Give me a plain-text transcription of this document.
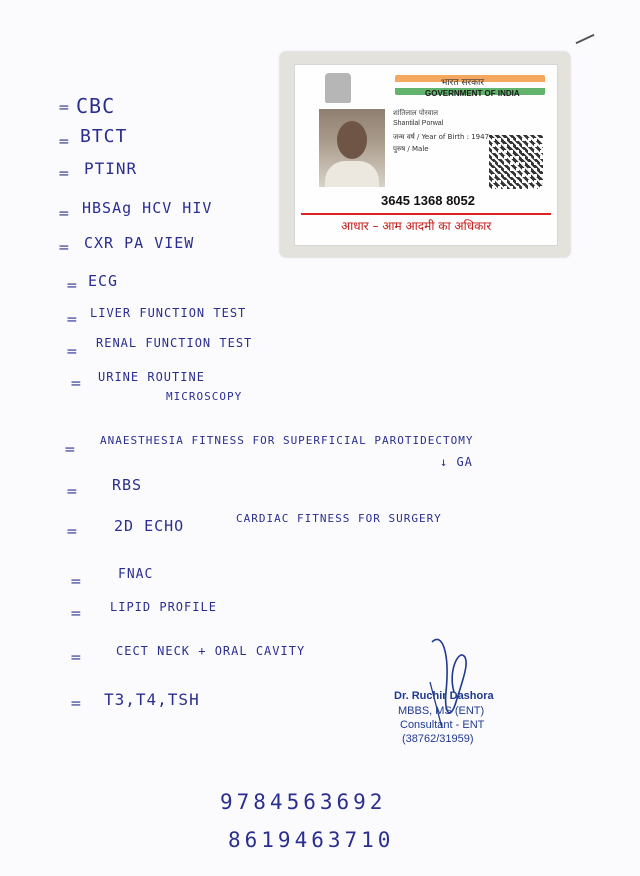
= CBC
= BTCT
= PTINR
= HBSAg HCV HIV
= CXR PA VIEW
= ECG
= LIVER FUNCTION TEST
=
RENAL FUNCTION TEST
= URINE ROUTINE
MICROSCOPY
=
ANAESTHESIA FITNESS FOR SUPERFICIAL PAROTIDECTOMY
↓ GA
= RBS
= 2D ECHO	CARDIAC FITNESS FOR SURGERY
=	FNAC
= LIPID PROFILE
=	CECT NECK + ORAL CAVITY
= T3,T4,TSH
भारत सरकार
GOVERNMENT OF INDIA
शांतिलाल पोरवाल
Shantilal Porwal
जन्म वर्ष / Year of Birth : 1947
पुरुष / Male
3645 1368 8052
आधार – आम आदमी का अधिकार
Dr. Ruchir Dashora
MBBS, MS (ENT)
Consultant - ENT
(38762/31959)
9784563692
8619463710
